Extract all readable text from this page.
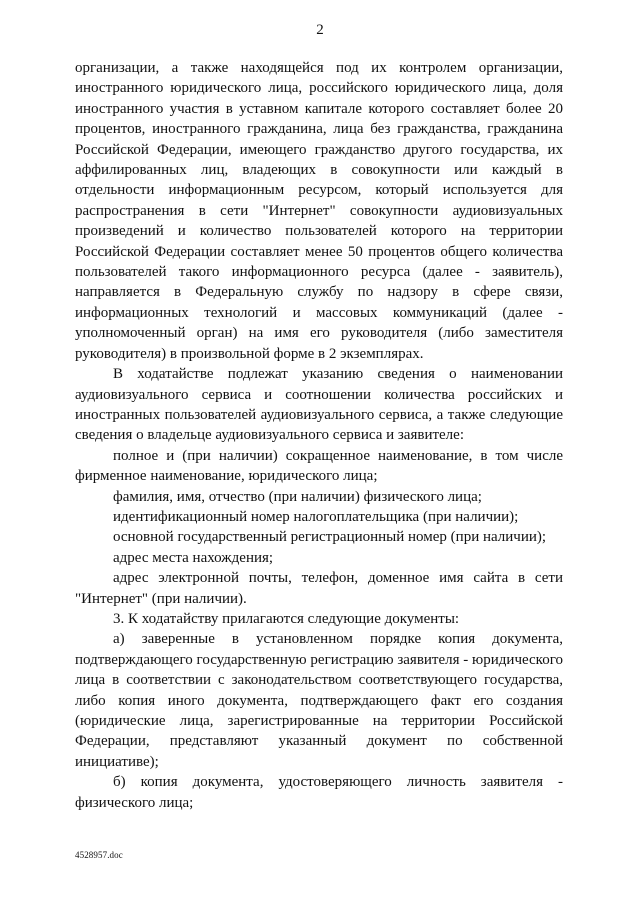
2

организации, а также находящейся под их контролем организации, иностранного юридического лица, российского юридического лица, доля иностранного участия в уставном капитале которого составляет более 20 процентов, иностранного гражданина, лица без гражданства, гражданина Российской Федерации, имеющего гражданство другого государства, их аффилированных лиц, владеющих в совокупности или каждый в отдельности информационным ресурсом, который используется для распространения в сети "Интернет" совокупности аудиовизуальных произведений и количество пользователей которого на территории Российской Федерации составляет менее 50 процентов общего количества пользователей такого информационного ресурса (далее - заявитель), направляется в Федеральную службу по надзору в сфере связи, информационных технологий и массовых коммуникаций (далее - уполномоченный орган) на имя его руководителя (либо заместителя руководителя) в произвольной форме в 2 экземплярах.

В ходатайстве подлежат указанию сведения о наименовании аудиовизуального сервиса и соотношении количества российских и иностранных пользователей аудиовизуального сервиса, а также следующие сведения о владельце аудиовизуального сервиса и заявителе:

полное и (при наличии) сокращенное наименование, в том числе фирменное наименование, юридического лица;

фамилия, имя, отчество (при наличии) физического лица;

идентификационный номер налогоплательщика (при наличии);

основной государственный регистрационный номер (при наличии);

адрес места нахождения;

адрес электронной почты, телефон, доменное имя сайта в сети "Интернет" (при наличии).

3. К ходатайству прилагаются следующие документы:

а) заверенные в установленном порядке копия документа, подтверждающего государственную регистрацию заявителя - юридического лица в соответствии с законодательством соответствующего государства, либо копия иного документа, подтверждающего факт его создания (юридические лица, зарегистрированные на территории Российской Федерации, представляют указанный документ по собственной инициативе);

б) копия документа, удостоверяющего личность заявителя - физического лица;

4528957.doc
